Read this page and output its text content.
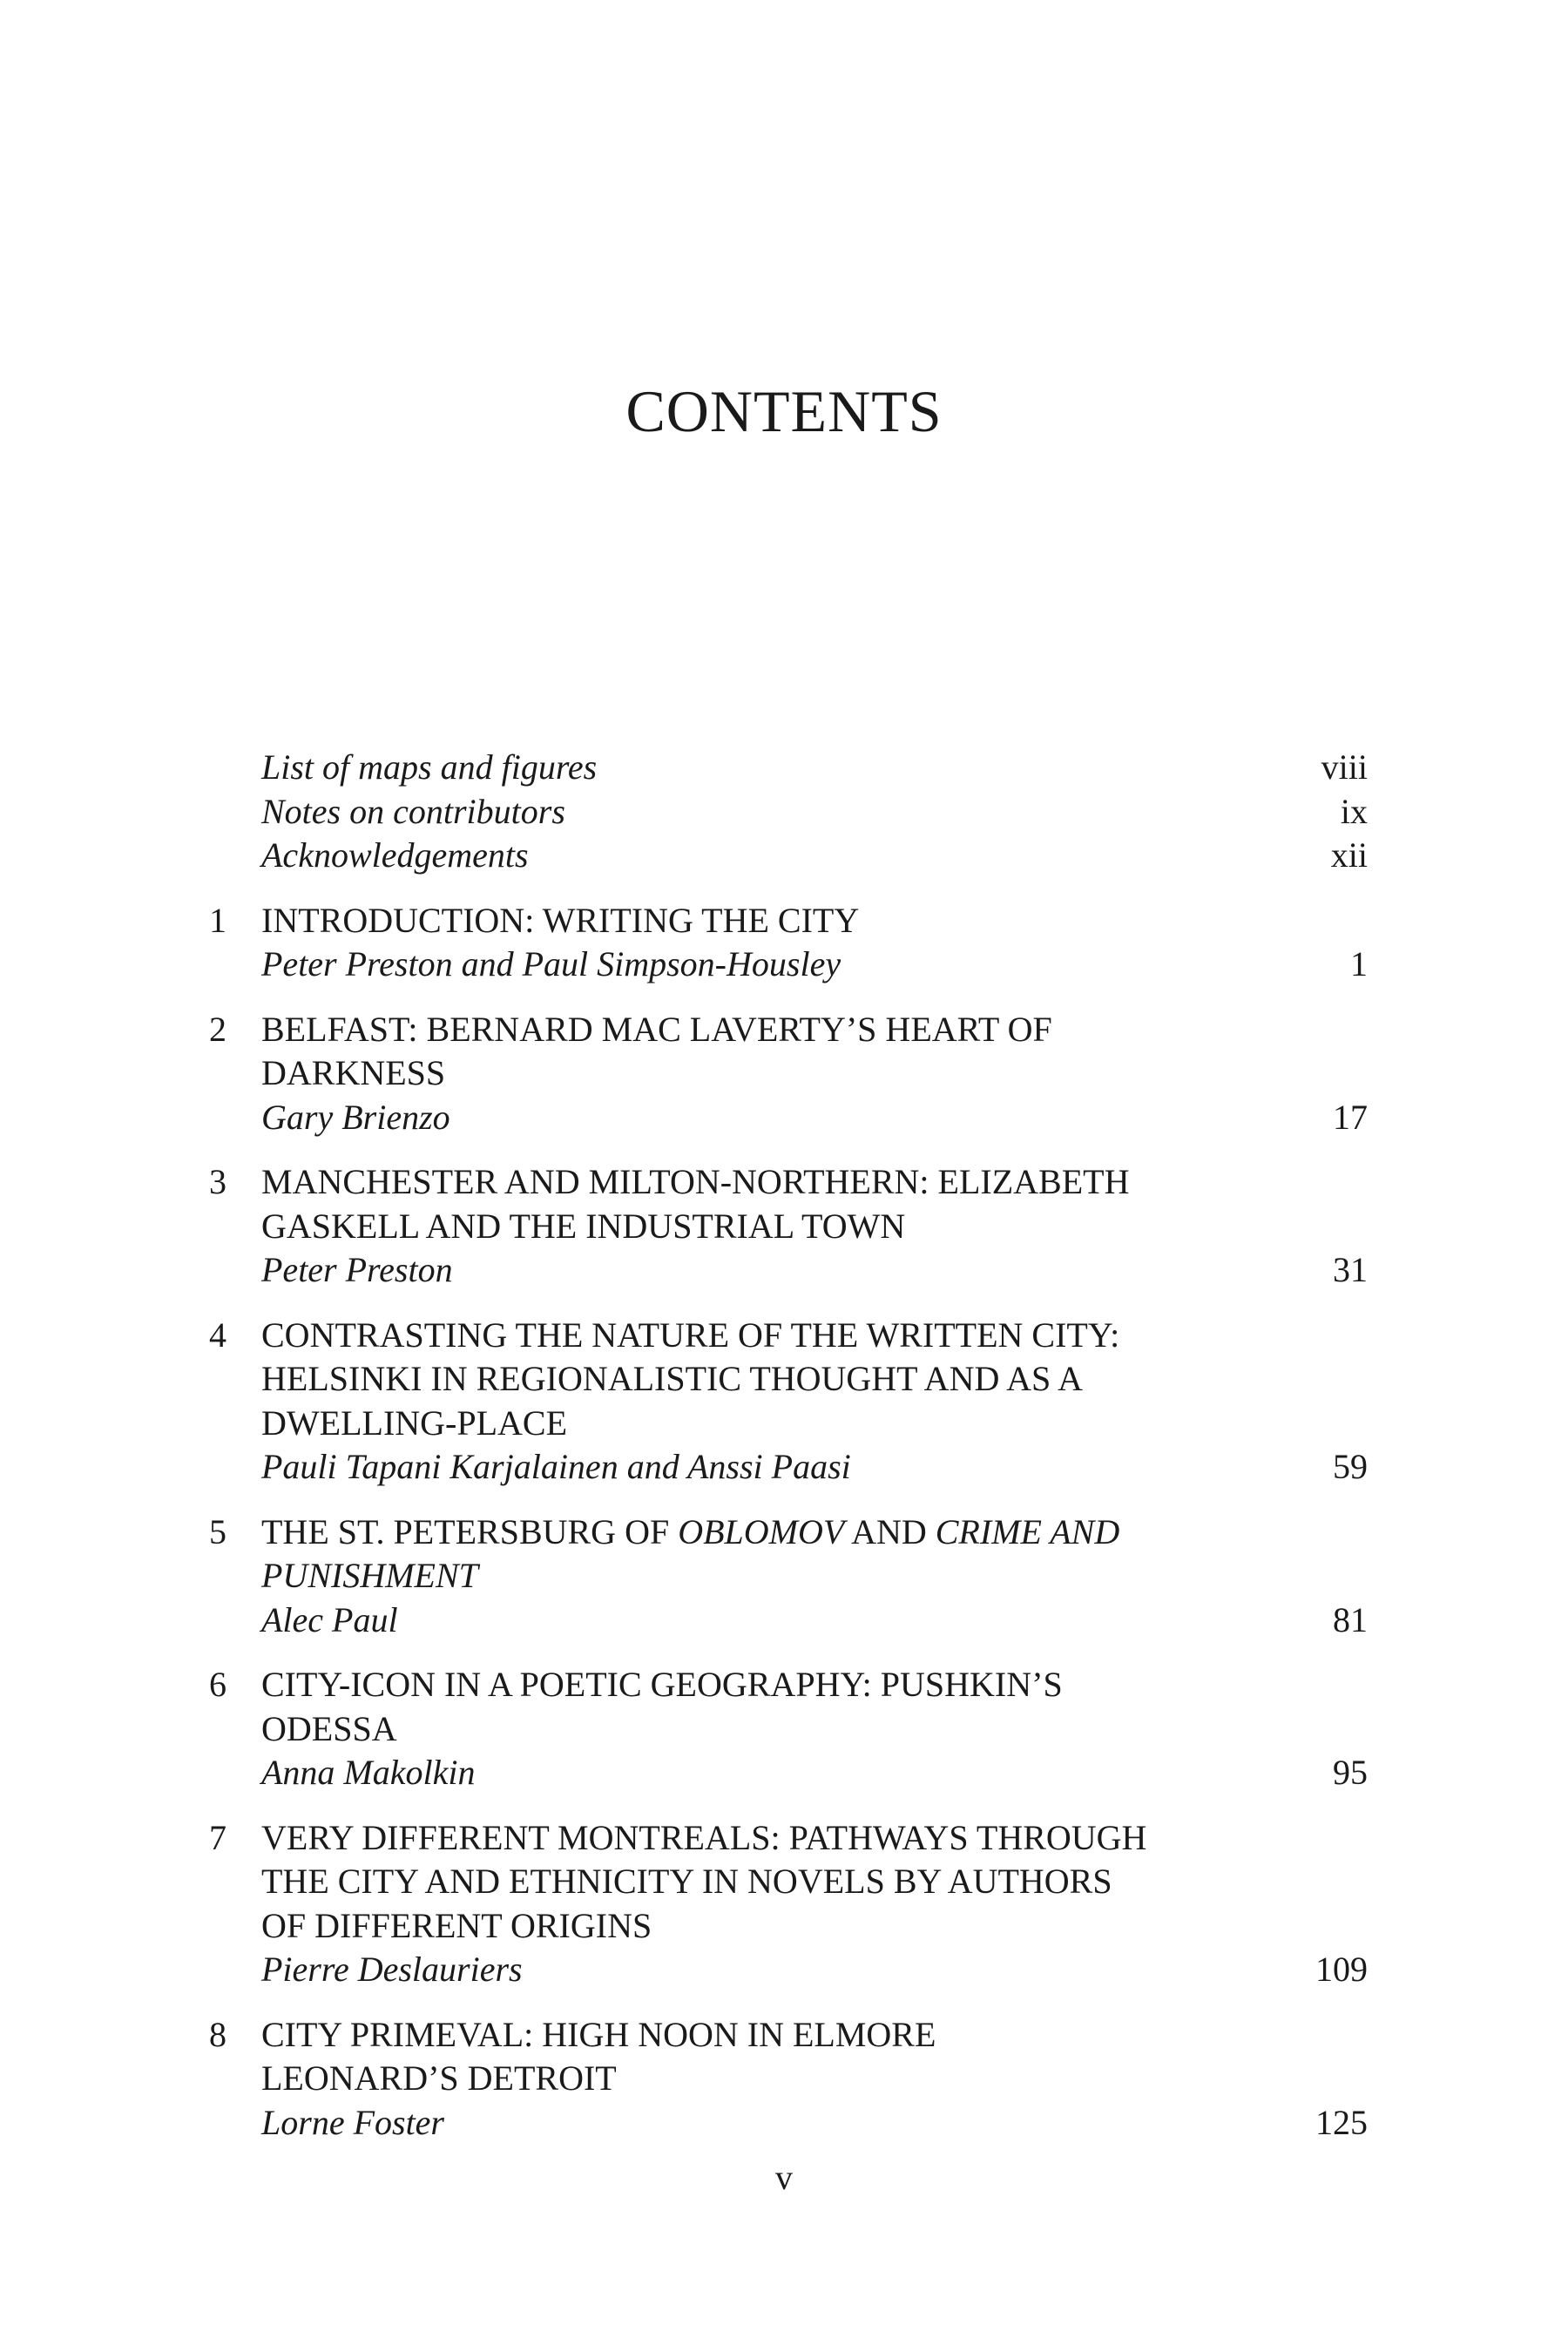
CONTENTS
List of maps and figures	viii
Notes on contributors	ix
Acknowledgements	xii
1	INTRODUCTION: WRITING THE CITY
Peter Preston and Paul Simpson-Housley	1
2	BELFAST: BERNARD MAC LAVERTY’S HEART OF
DARKNESS
Gary Brienzo	17
3	MANCHESTER AND MILTON-NORTHERN: ELIZABETH
GASKELL AND THE INDUSTRIAL TOWN
Peter Preston	31
4	CONTRASTING THE NATURE OF THE WRITTEN CITY:
HELSINKI IN REGIONALISTIC THOUGHT AND AS A
DWELLING-PLACE
Pauli Tapani Karjalainen and Anssi Paasi	59
5	THE ST. PETERSBURG OF OBLOMOV AND CRIME AND
PUNISHMENT
Alec Paul	81
6	CITY-ICON IN A POETIC GEOGRAPHY: PUSHKIN’S
ODESSA
Anna Makolkin	95
7	VERY DIFFERENT MONTREALS: PATHWAYS THROUGH
THE CITY AND ETHNICITY IN NOVELS BY AUTHORS
OF DIFFERENT ORIGINS
Pierre Deslauriers	109
8	CITY PRIMEVAL: HIGH NOON IN ELMORE
LEONARD’S DETROIT
Lorne Foster	125
v
